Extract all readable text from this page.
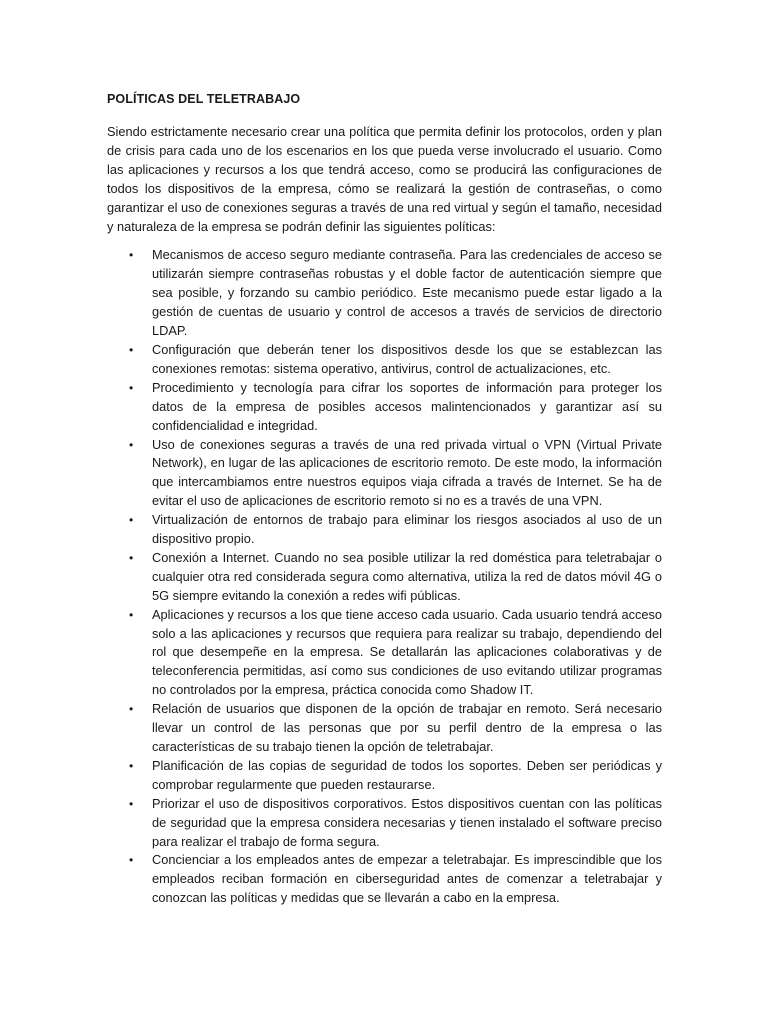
POLÍTICAS DEL TELETRABAJO

Siendo estrictamente necesario crear una política que permita definir los protocolos, orden y plan de crisis para cada uno de los escenarios en los que pueda verse involucrado el usuario. Como las aplicaciones y recursos a los que tendrá acceso, como se producirá las configuraciones de todos los dispositivos de la empresa, cómo se realizará la gestión de contraseñas, o como garantizar el uso de conexiones seguras a través de una red virtual y según el tamaño, necesidad y naturaleza de la empresa se podrán definir las siguientes políticas:

• Mecanismos de acceso seguro mediante contraseña. Para las credenciales de acceso se utilizarán siempre contraseñas robustas y el doble factor de autenticación siempre que sea posible, y forzando su cambio periódico. Este mecanismo puede estar ligado a la gestión de cuentas de usuario y control de accesos a través de servicios de directorio LDAP.
• Configuración que deberán tener los dispositivos desde los que se establezcan las conexiones remotas: sistema operativo, antivirus, control de actualizaciones, etc.
• Procedimiento y tecnología para cifrar los soportes de información para proteger los datos de la empresa de posibles accesos malintencionados y garantizar así su confidencialidad e integridad.
• Uso de conexiones seguras a través de una red privada virtual o VPN (Virtual Private Network), en lugar de las aplicaciones de escritorio remoto. De este modo, la información que intercambiamos entre nuestros equipos viaja cifrada a través de Internet. Se ha de evitar el uso de aplicaciones de escritorio remoto si no es a través de una VPN.
• Virtualización de entornos de trabajo para eliminar los riesgos asociados al uso de un dispositivo propio.
• Conexión a Internet. Cuando no sea posible utilizar la red doméstica para teletrabajar o cualquier otra red considerada segura como alternativa, utiliza la red de datos móvil 4G o 5G siempre evitando la conexión a redes wifi públicas.
• Aplicaciones y recursos a los que tiene acceso cada usuario. Cada usuario tendrá acceso solo a las aplicaciones y recursos que requiera para realizar su trabajo, dependiendo del rol que desempeñe en la empresa. Se detallarán las aplicaciones colaborativas y de teleconferencia permitidas, así como sus condiciones de uso evitando utilizar programas no controlados por la empresa, práctica conocida como Shadow IT.
• Relación de usuarios que disponen de la opción de trabajar en remoto. Será necesario llevar un control de las personas que por su perfil dentro de la empresa o las características de su trabajo tienen la opción de teletrabajar.
• Planificación de las copias de seguridad de todos los soportes. Deben ser periódicas y comprobar regularmente que pueden restaurarse.
• Priorizar el uso de dispositivos corporativos. Estos dispositivos cuentan con las políticas de seguridad que la empresa considera necesarias y tienen instalado el software preciso para realizar el trabajo de forma segura.
• Concienciar a los empleados antes de empezar a teletrabajar. Es imprescindible que los empleados reciban formación en ciberseguridad antes de comenzar a teletrabajar y conozcan las políticas y medidas que se llevarán a cabo en la empresa.
